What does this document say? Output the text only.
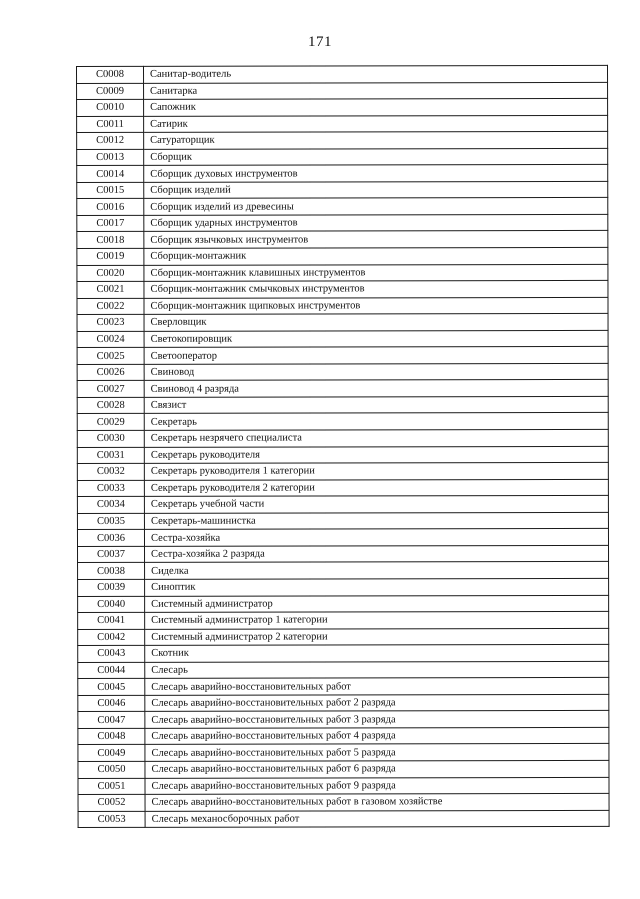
171
С0008	Санитар-водитель
С0009	Санитарка
С0010	Сапожник
С0011	Сатирик
С0012	Сатураторщик
С0013	Сборщик
С0014	Сборщик духовых инструментов
С0015	Сборщик изделий
С0016	Сборщик изделий из древесины
С0017	Сборщик ударных инструментов
С0018	Сборщик язычковых инструментов
С0019	Сборщик-монтажник
С0020	Сборщик-монтажник клавишных инструментов
С0021	Сборщик-монтажник смычковых инструментов
С0022	Сборщик-монтажник щипковых инструментов
С0023	Сверловщик
С0024	Светокопировщик
С0025	Светооператор
С0026	Свиновод
С0027	Свиновод 4 разряда
С0028	Связист
С0029	Секретарь
С0030	Секретарь незрячего специалиста
С0031	Секретарь руководителя
С0032	Секретарь руководителя 1 категории
С0033	Секретарь руководителя 2 категории
С0034	Секретарь учебной части
С0035	Секретарь-машинистка
С0036	Сестра-хозяйка
С0037	Сестра-хозяйка 2 разряда
С0038	Сиделка
С0039	Синоптик
С0040	Системный администратор
С0041	Системный администратор 1 категории
С0042	Системный администратор 2 категории
С0043	Скотник
С0044	Слесарь
С0045	Слесарь аварийно-восстановительных работ
С0046	Слесарь аварийно-восстановительных работ 2 разряда
С0047	Слесарь аварийно-восстановительных работ 3 разряда
С0048	Слесарь аварийно-восстановительных работ 4 разряда
С0049	Слесарь аварийно-восстановительных работ 5 разряда
С0050	Слесарь аварийно-восстановительных работ 6 разряда
С0051	Слесарь аварийно-восстановительных работ 9 разряда
С0052	Слесарь аварийно-восстановительных работ в газовом хозяйстве
С0053	Слесарь механосборочных работ
